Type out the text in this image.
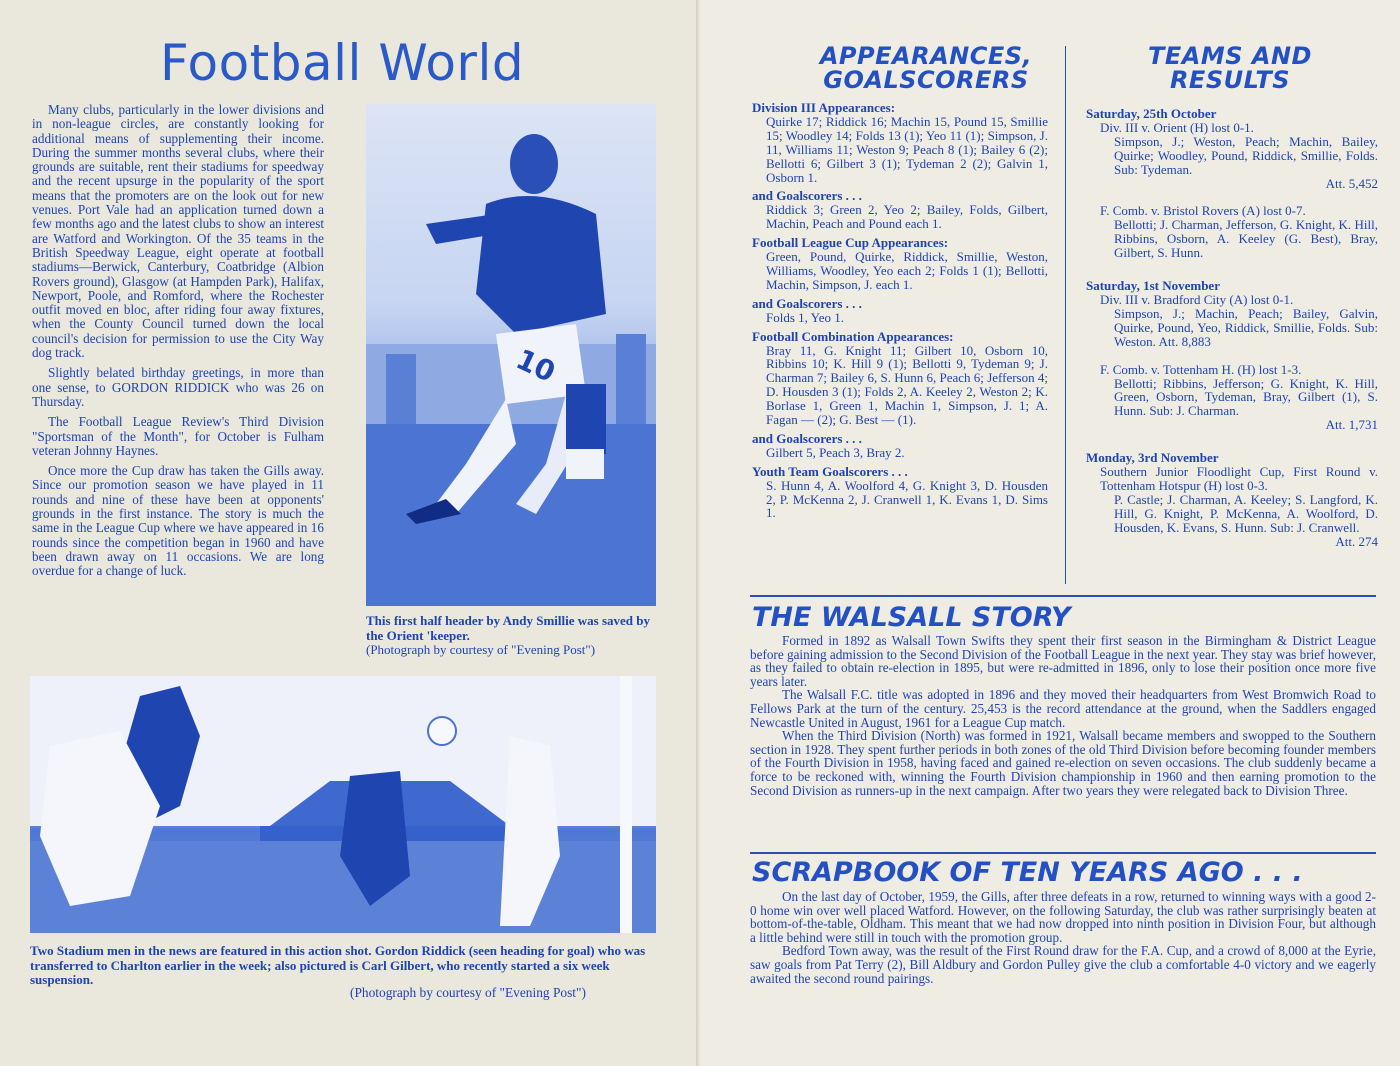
Football World

Many clubs, particularly in the lower divisions and in non-league circles, are constantly looking for additional means of supplementing their income. During the summer months several clubs, where their grounds are suitable, rent their stadiums for speedway and the recent upsurge in the popularity of the sport means that the promoters are on the look out for new venues. Port Vale had an application turned down a few months ago and the latest clubs to show an interest are Watford and Workington. Of the 35 teams in the British Speedway League, eight operate at football stadiums—Berwick, Canterbury, Coatbridge (Albion Rovers ground), Glasgow (at Hampden Park), Halifax, Newport, Poole, and Romford, where the Rochester outfit moved en bloc, after riding four away fixtures, when the County Council turned down the local council's decision for permission to use the City Way dog track.

Slightly belated birthday greetings, in more than one sense, to GORDON RIDDICK who was 26 on Thursday.

The Football League Review's Third Division "Sportsman of the Month", for October is Fulham veteran Johnny Haynes.

Once more the Cup draw has taken the Gills away. Since our promotion season we have played in 11 rounds and nine of these have been at opponents' grounds in the first instance. The story is much the same in the League Cup where we have appeared in 16 rounds since the competition began in 1960 and have been drawn away on 11 occasions. We are long overdue for a change of luck.

10
This first half header by Andy Smillie was saved by the Orient 'keeper.
(Photograph by courtesy of "Evening Post")
Two Stadium men in the news are featured in this action shot. Gordon Riddick (seen heading for goal) who was transferred to Charlton earlier in the week; also pictured is Carl Gilbert, who recently started a six week suspension.
(Photograph by courtesy of "Evening Post")
APPEARANCES,
GOALSCORERS
TEAMS AND
RESULTS
Division III Appearances:
Quirke 17; Riddick 16; Machin 15, Pound 15, Smillie 15; Woodley 14; Folds 13 (1); Yeo 11 (1); Simpson, J. 11, Williams 11; Weston 9; Peach 8 (1); Bailey 6 (2); Bellotti 6; Gilbert 3 (1); Tydeman 2 (2); Galvin 1, Osborn 1.
and Goalscorers . . .
Riddick 3; Green 2, Yeo 2; Bailey, Folds, Gilbert, Machin, Peach and Pound each 1.
Football League Cup Appearances:
Green, Pound, Quirke, Riddick, Smillie, Weston, Williams, Woodley, Yeo each 2; Folds 1 (1); Bellotti, Machin, Simpson, J. each 1.
and Goalscorers . . .
Folds 1, Yeo 1.
Football Combination Appearances:
Bray 11, G. Knight 11; Gilbert 10, Osborn 10, Ribbins 10; K. Hill 9 (1); Bellotti 9, Tydeman 9; J. Charman 7; Bailey 6, S. Hunn 6, Peach 6; Jefferson 4; D. Housden 3 (1); Folds 2, A. Keeley 2, Weston 2; K. Borlase 1, Green 1, Machin 1, Simpson, J. 1; A. Fagan — (2); G. Best — (1).
and Goalscorers . . .
Gilbert 5, Peach 3, Bray 2.
Youth Team Goalscorers . . .
S. Hunn 4, A. Woolford 4, G. Knight 3, D. Housden 2, P. McKenna 2, J. Cranwell 1, K. Evans 1, D. Sims 1.
Saturday, 25th October
Div. III v. Orient (H) lost 0-1.
Simpson, J.; Weston, Peach; Machin, Bailey, Quirke; Woodley, Pound, Riddick, Smillie, Folds. Sub: Tydeman.
Att. 5,452
F. Comb. v. Bristol Rovers (A) lost 0-7.
Bellotti; J. Charman, Jefferson, G. Knight, K. Hill, Ribbins, Osborn, A. Keeley (G. Best), Bray, Gilbert, S. Hunn.
Saturday, 1st November
Div. III v. Bradford City (A) lost 0-1.
Simpson, J.; Machin, Peach; Bailey, Galvin, Quirke, Pound, Yeo, Riddick, Smillie, Folds. Sub: Weston. Att. 8,883
F. Comb. v. Tottenham H. (H) lost 1-3.
Bellotti; Ribbins, Jefferson; G. Knight, K. Hill, Green, Osborn, Tydeman, Bray, Gilbert (1), S. Hunn. Sub: J. Charman.
Att. 1,731
Monday, 3rd November
Southern Junior Floodlight Cup, First Round v. Tottenham Hotspur (H) lost 0-3.
P. Castle; J. Charman, A. Keeley; S. Langford, K. Hill, G. Knight, P. McKenna, A. Woolford, D. Housden, K. Evans, S. Hunn. Sub: J. Cranwell.
Att. 274
THE WALSALL STORY

Formed in 1892 as Walsall Town Swifts they spent their first season in the Birmingham & District League before gaining admission to the Second Division of the Football League in the next year. They stay was brief however, as they failed to obtain re-election in 1895, but were re-admitted in 1896, only to lose their position once more five years later.

The Walsall F.C. title was adopted in 1896 and they moved their headquarters from West Bromwich Road to Fellows Park at the turn of the century. 25,453 is the record attendance at the ground, when the Saddlers engaged Newcastle United in August, 1961 for a League Cup match.

When the Third Division (North) was formed in 1921, Walsall became members and swopped to the Southern section in 1928. They spent further periods in both zones of the old Third Division before becoming founder members of the Fourth Division in 1958, having faced and gained re-election on seven occasions. The club suddenly became a force to be reckoned with, winning the Fourth Division championship in 1960 and then earning promotion to the Second Division as runners-up in the next campaign. After two years they were relegated back to Division Three.

SCRAPBOOK OF TEN YEARS AGO . . .

On the last day of October, 1959, the Gills, after three defeats in a row, returned to winning ways with a good 2-0 home win over well placed Watford. However, on the following Saturday, the club was rather surprisingly beaten at bottom-of-the-table, Oldham. This meant that we had now dropped into ninth position in Division Four, but although a little behind were still in touch with the promotion group.

Bedford Town away, was the result of the First Round draw for the F.A. Cup, and a crowd of 8,000 at the Eyrie, saw goals from Pat Terry (2), Bill Aldbury and Gordon Pulley give the club a comfortable 4-0 victory and we eagerly awaited the second round pairings.
